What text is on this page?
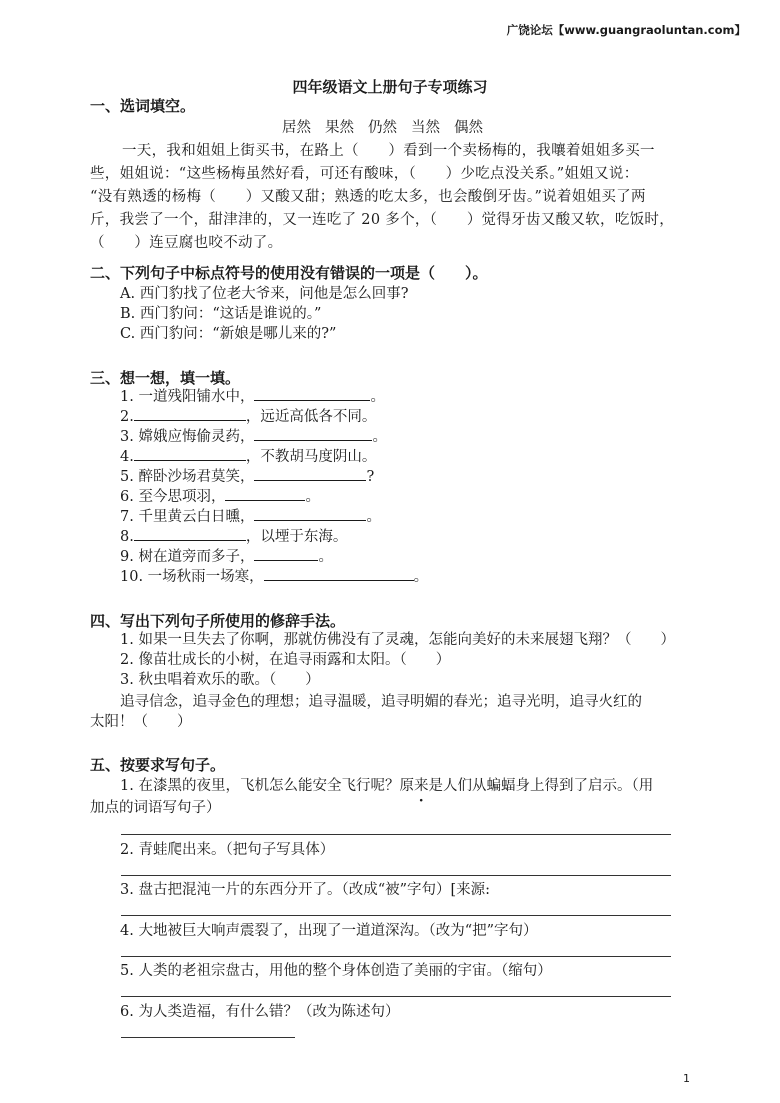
广饶论坛【www.guangraoluntan.com】
四年级语文上册句子专项练习
一、选词填空。
居然 果然 仍然 当然 偶然

一天，我和姐姐上街买书，在路上（　　）看到一个卖杨梅的，我嚷着姐姐多买一

些，姐姐说：“这些杨梅虽然好看，可还有酸味，（　　）少吃点没关系。”姐姐又说：

“没有熟透的杨梅（　　）又酸又甜；熟透的吃太多，也会酸倒牙齿。”说着姐姐买了两

斤，我尝了一个，甜津津的，又一连吃了 20 多个，（　　）觉得牙齿又酸又软，吃饭时，

（　　）连豆腐也咬不动了。

二、下列句子中标点符号的使用没有错误的一项是（　　）。
A. 西门豹找了位老大爷来，问他是怎么回事?
B. 西门豹问：“这话是谁说的。”
C. 西门豹问：“新娘是哪儿来的?”
三、想一想，填一填。
1. 一道残阳铺水中，	。
2.	，远近高低各不同。
3. 嫦娥应悔偷灵药，	。
4.	，不教胡马度阴山。
5. 醉卧沙场君莫笑，	?
6. 至今思项羽，	。
7. 千里黄云白日曛，	。
8.	，以堙于东海。
9. 树在道旁而多子，	。
10. 一场秋雨一场寒，	。
四、写出下列句子所使用的修辞手法。
1. 如果一旦失去了你啊，那就仿佛没有了灵魂，怎能向美好的未来展翅飞翔？（　　）
2. 像苗壮成长的小树，在追寻雨露和太阳。（　　）
3. 秋虫唱着欢乐的歌。（　　）
追寻信念，追寻金色的理想；追寻温暖，追寻明媚的春光；追寻光明，追寻火红的
太阳！（　　）
五、按要求写句子。
1. 在漆黑的夜里，飞机怎么能安全飞行呢？原来是人们从蝙蝠身上得到了启示。（用
加点的词语写句子）
2. 青蛙爬出来。（把句子写具体）
3. 盘古把混沌一片的东西分开了。（改成“被”字句）[来源:
4. 大地被巨大响声震裂了，出现了一道道深沟。（改为“把”字句）
5. 人类的老祖宗盘古，用他的整个身体创造了美丽的宇宙。（缩句）
6. 为人类造福，有什么错？（改为陈述句）
1
